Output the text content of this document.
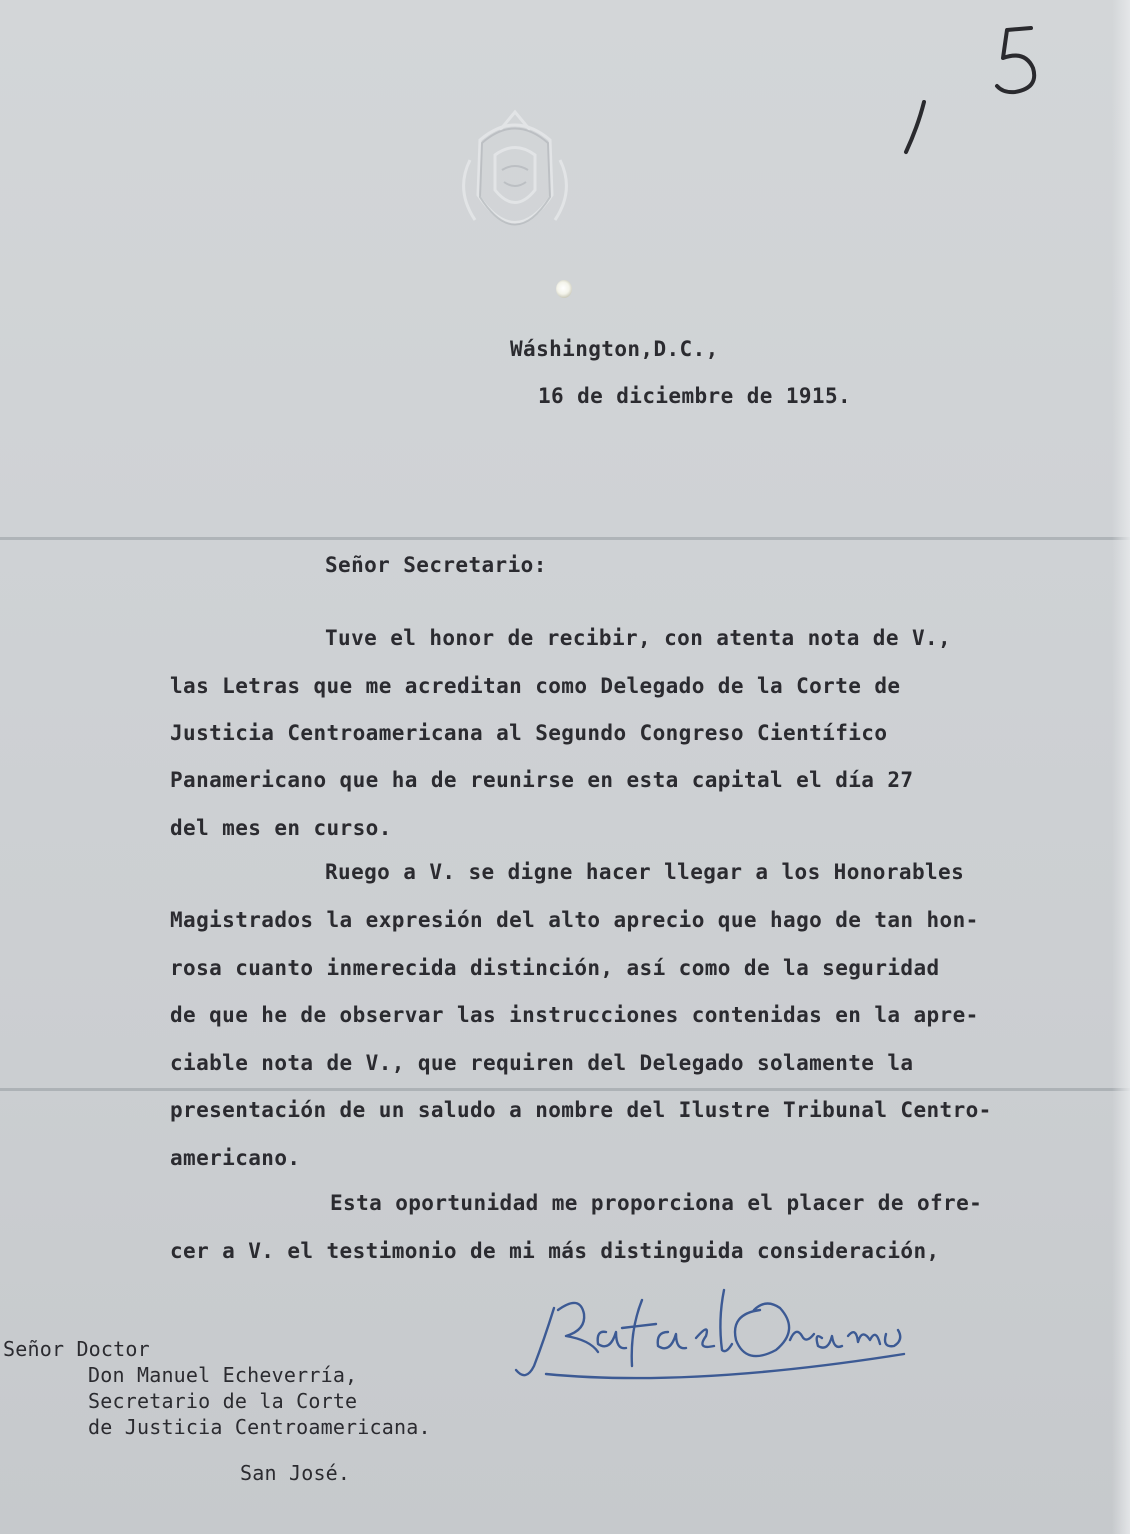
Wáshington,D.C.,
16 de diciembre de 1915.
Señor Secretario:
Tuve el honor de recibir, con atenta nota de V.,
las Letras que me acreditan como Delegado de la Corte de
Justicia Centroamericana al Segundo Congreso Científico
Panamericano que ha de reunirse en esta capital el día 27
del mes en curso.
Ruego a V. se digne hacer llegar a los Honorables
Magistrados la expresión del alto aprecio que hago de tan hon-
rosa cuanto inmerecida distinción, así como de la seguridad
de que he de observar las instrucciones contenidas en la apre-
ciable nota de V., que requiren del Delegado solamente la
presentación de un saludo a nombre del Ilustre Tribunal Centro-
americano.
Esta oportunidad me proporciona el placer de ofre-
cer a V. el testimonio de mi más distinguida consideración,
Señor Doctor
Don Manuel Echeverría,
Secretario de la Corte
de Justicia Centroamericana.
San José.
